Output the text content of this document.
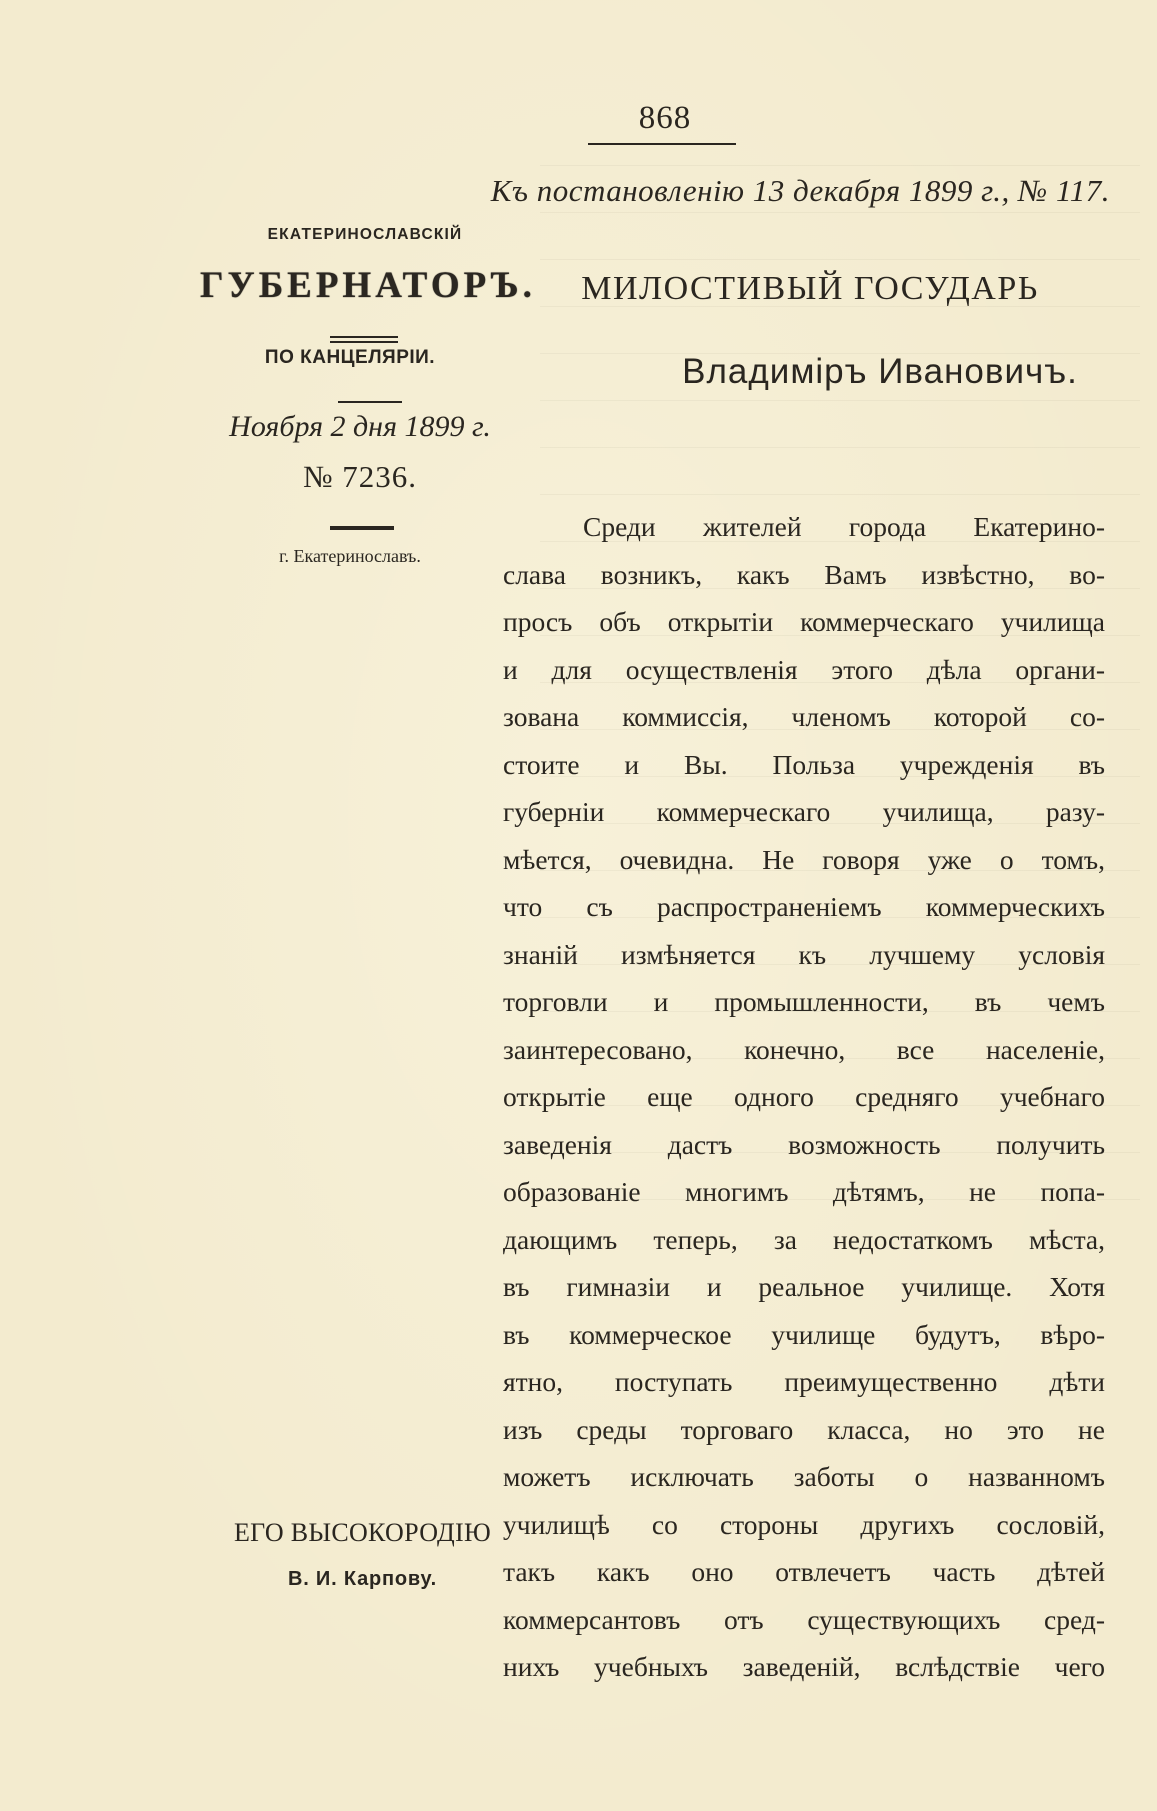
868
Къ постановленію 13 декабря 1899 г., № 117.
ЕКАТЕРИНОСЛАВСКІЙ
ГУБЕРНАТОРЪ.
ПО КАНЦЕЛЯРІИ.
Ноября 2 дня 1899 г.
№ 7236.
г. Екатеринославъ.
МИЛОСТИВЫЙ ГОСУДАРЬ
Владиміръ Ивановичъ.
Среди жителей города Екатерино-
слава возникъ, какъ Вамъ извѣстно, во-
просъ объ открытіи коммерческаго училища
и для осуществленія этого дѣла органи-
зована коммиссія, членомъ которой со-
стоите и Вы. Польза учрежденія въ
губерніи коммерческаго училища, разу-
мѣется, очевидна. Не говоря уже о томъ,
что съ распространеніемъ коммерческихъ
знаній измѣняется къ лучшему условія
торговли и промышленности, въ чемъ
заинтересовано, конечно, все населеніе,
открытіе еще одного средняго учебнаго
заведенія дастъ возможность получить
образованіе многимъ дѣтямъ, не попа-
дающимъ теперь, за недостаткомъ мѣста,
въ гимназіи и реальное училище. Хотя
въ коммерческое училище будутъ, вѣро-
ятно, поступать преимущественно дѣти
изъ среды торговаго класса, но это не
можетъ исключать заботы о названномъ
училищѣ со стороны другихъ сословій,
такъ какъ оно отвлечетъ часть дѣтей
коммерсантовъ отъ существующихъ сред-
нихъ учебныхъ заведеній, вслѣдствіе чего
ЕГО ВЫСОКОРОДІЮ
В. И. Карпову.
